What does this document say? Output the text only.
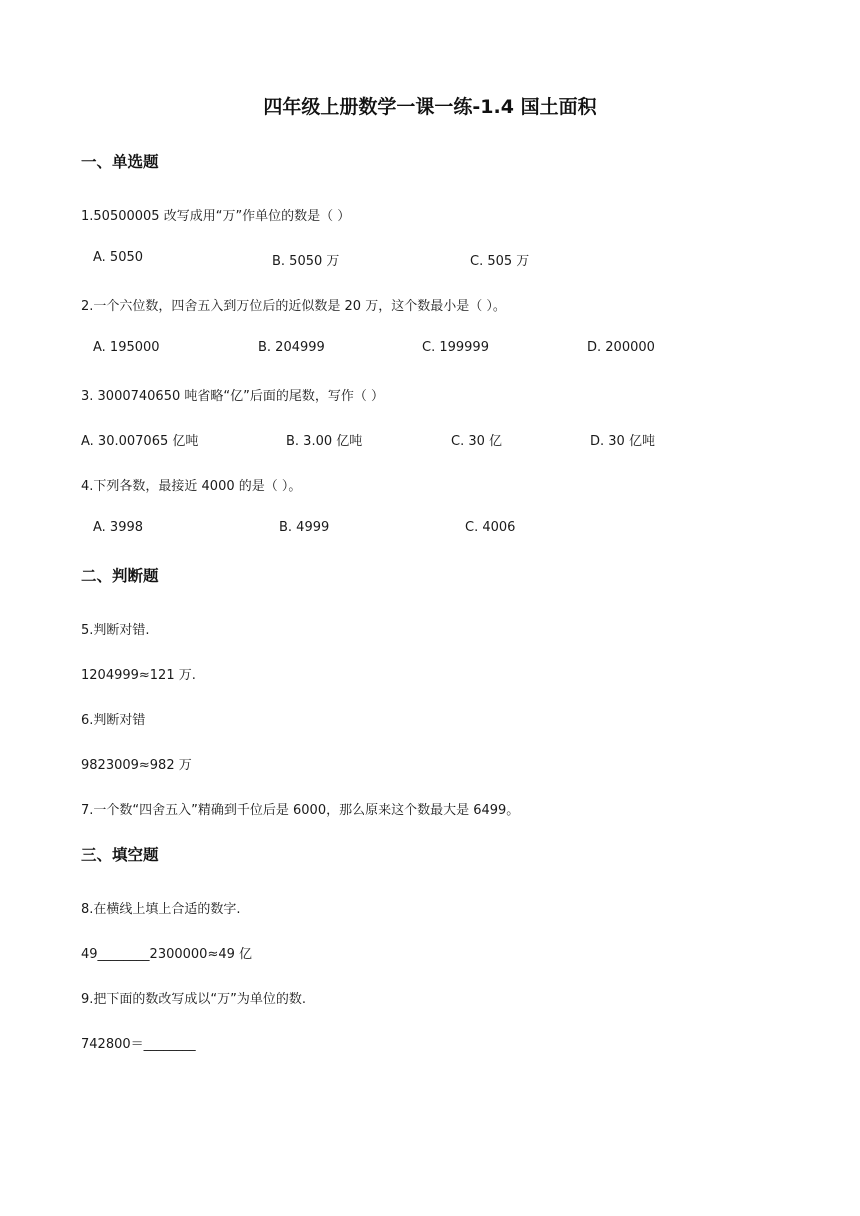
四年级上册数学一课一练-1.4 国土面积
一、单选题
1.50500005 改写成用“万”作单位的数是（ ）
A. 5050	B. 5050 万	C. 505 万
2.一个六位数，四舍五入到万位后的近似数是 20 万，这个数最小是（ ）。
A. 195000	B. 204999	C. 199999	D. 200000
3. 3000740650 吨省略“亿”后面的尾数，写作（ ）
A. 30.007065 亿吨	B. 3.00 亿吨	C. 30 亿	D. 30 亿吨
4.下列各数，最接近 4000 的是（ ）。
A. 3998	B. 4999	C. 4006
二、判断题
5.判断对错.
1204999≈121 万.
6.判断对错
9823009≈982 万
7.一个数“四舍五入”精确到千位后是 6000，那么原来这个数最大是 6499。
三、填空题
8.在横线上填上合适的数字.
49________2300000≈49 亿
9.把下面的数改写成以“万”为单位的数.
742800＝________
